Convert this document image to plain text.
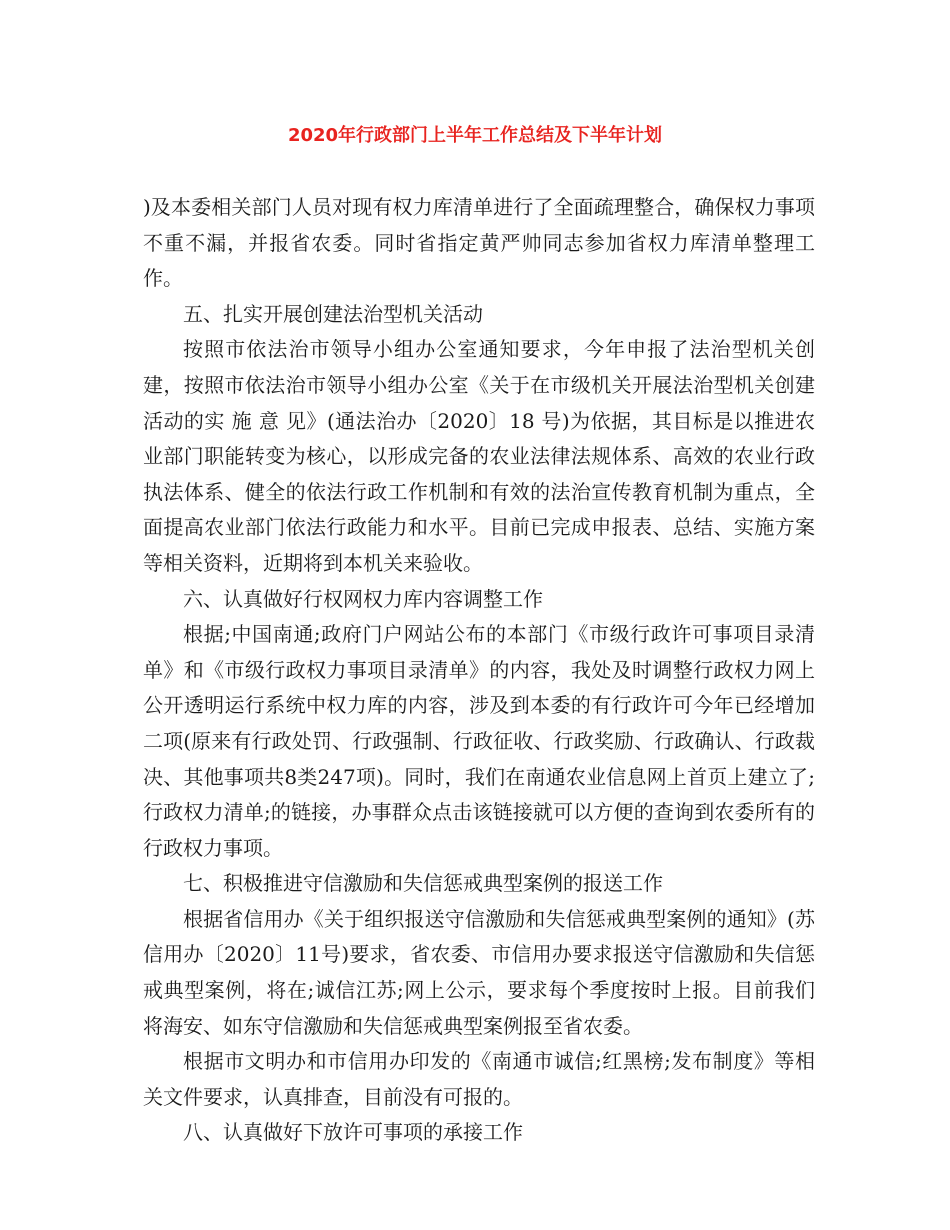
2020年行政部门上半年工作总结及下半年计划

)及本委相关部门人员对现有权力库清单进行了全面疏理整合，确保权力事项不重不漏，并报省农委。同时省指定黄严帅同志参加省权力库清单整理工作。

五、扎实开展创建法治型机关活动

按照市依法治市领导小组办公室通知要求，今年申报了法治型机关创建，按照市依法治市领导小组办公室《关于在市级机关开展法治型机关创建活动的实 施 意 见》(通法治办〔2020〕18 号)为依据，其目标是以推进农业部门职能转变为核心，以形成完备的农业法律法规体系、高效的农业行政执法体系、健全的依法行政工作机制和有效的法治宣传教育机制为重点，全面提高农业部门依法行政能力和水平。目前已完成申报表、总结、实施方案等相关资料，近期将到本机关来验收。

六、认真做好行权网权力库内容调整工作

根据;中国南通;政府门户网站公布的本部门《市级行政许可事项目录清单》和《市级行政权力事项目录清单》的内容，我处及时调整行政权力网上公开透明运行系统中权力库的内容，涉及到本委的有行政许可今年已经增加二项(原来有行政处罚、行政强制、行政征收、行政奖励、行政确认、行政裁决、其他事项共8类247项)。同时，我们在南通农业信息网上首页上建立了;行政权力清单;的链接，办事群众点击该链接就可以方便的查询到农委所有的行政权力事项。

七、积极推进守信激励和失信惩戒典型案例的报送工作

根据省信用办《关于组织报送守信激励和失信惩戒典型案例的通知》(苏信用办〔2020〕11号)要求，省农委、市信用办要求报送守信激励和失信惩戒典型案例，将在;诚信江苏;网上公示，要求每个季度按时上报。目前我们将海安、如东守信激励和失信惩戒典型案例报至省农委。

根据市文明办和市信用办印发的《南通市诚信;红黑榜;发布制度》等相关文件要求，认真排查，目前没有可报的。

八、认真做好下放许可事项的承接工作
